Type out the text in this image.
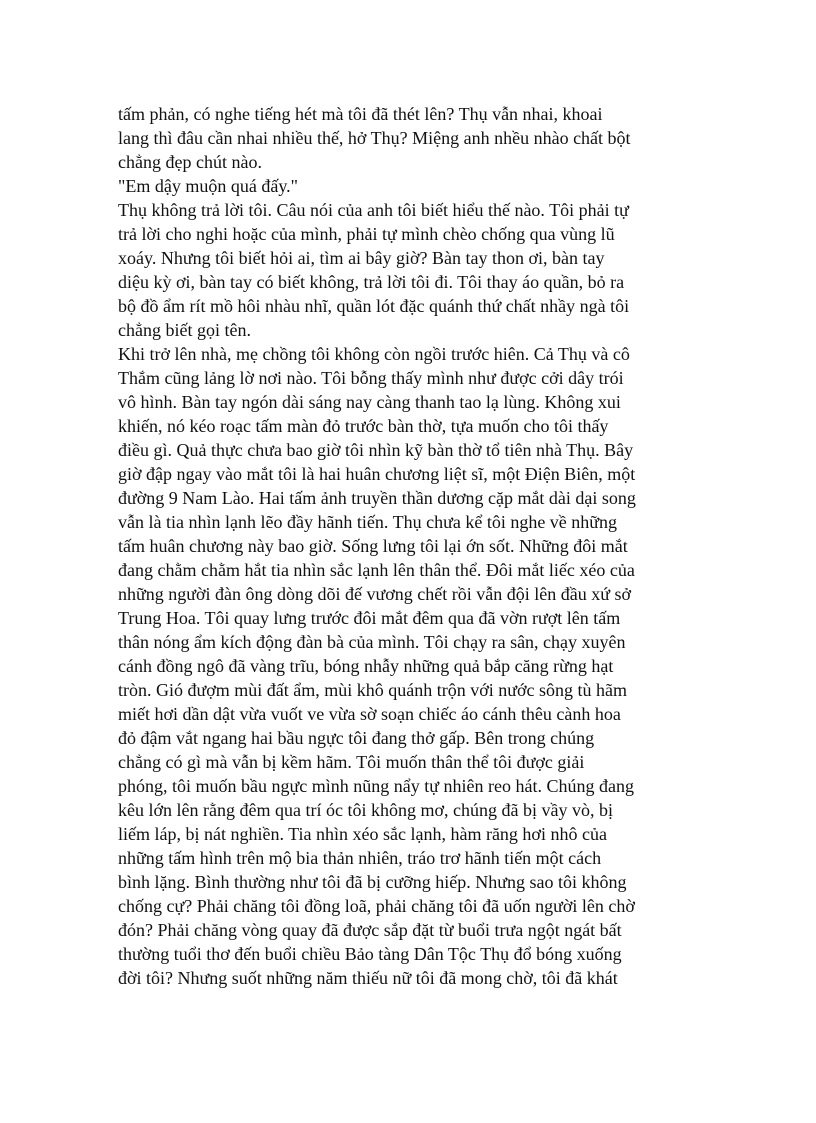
tấm phản, có nghe tiếng hét mà tôi đã thét lên? Thụ vẫn nhai, khoai
lang thì đâu cần nhai nhiều thế, hở Thụ? Miệng anh nhều nhào chất bột
chẳng đẹp chút nào.
"Em dậy muộn quá đấy."
Thụ không trả lời tôi. Câu nói của anh tôi biết hiểu thế nào. Tôi phải tự
trả lời cho nghi hoặc của mình, phải tự mình chèo chống qua vùng lũ
xoáy. Nhưng tôi biết hỏi ai, tìm ai bây giờ? Bàn tay thon ơi, bàn tay
diệu kỳ ơi, bàn tay có biết không, trả lời tôi đi. Tôi thay áo quần, bỏ ra
bộ đồ ẩm rít mồ hôi nhàu nhĩ, quần lót đặc quánh thứ chất nhầy ngà tôi
chẳng biết gọi tên.
Khi trở lên nhà, mẹ chồng tôi không còn ngồi trước hiên. Cả Thụ và cô
Thắm cũng lảng lờ nơi nào. Tôi bỗng thấy mình như được cởi dây trói
vô hình. Bàn tay ngón dài sáng nay càng thanh tao lạ lùng. Không xui
khiến, nó kéo roạc tấm màn đỏ trước bàn thờ, tựa muốn cho tôi thấy
điều gì. Quả thực chưa bao giờ tôi nhìn kỹ bàn thờ tổ tiên nhà Thụ. Bây
giờ đập ngay vào mắt tôi là hai huân chương liệt sĩ, một Điện Biên, một
đường 9 Nam Lào. Hai tấm ảnh truyền thần dương cặp mắt dài dại song
vẫn là tia nhìn lạnh lẽo đầy hãnh tiến. Thụ chưa kể tôi nghe về những
tấm huân chương này bao giờ. Sống lưng tôi lại ớn sốt. Những đôi mắt
đang chằm chằm hắt tia nhìn sắc lạnh lên thân thể. Đôi mắt liếc xéo của
những người đàn ông dòng dõi đế vương chết rồi vẫn đội lên đầu xứ sở
Trung Hoa. Tôi quay lưng trước đôi mắt đêm qua đã vờn rượt lên tấm
thân nóng ẩm kích động đàn bà của mình. Tôi chạy ra sân, chạy xuyên
cánh đồng ngô đã vàng trĩu, bóng nhẫy những quả bắp căng rừng hạt
tròn. Gió đượm mùi đất ẩm, mùi khô quánh trộn với nước sông tù hãm
miết hơi dần dật vừa vuốt ve vừa sờ soạn chiếc áo cánh thêu cành hoa
đỏ đậm vắt ngang hai bầu ngực tôi đang thở gấp. Bên trong chúng
chẳng có gì mà vẫn bị kềm hãm. Tôi muốn thân thể tôi được giải
phóng, tôi muốn bầu ngực mình nũng nẩy tự nhiên reo hát. Chúng đang
kêu lớn lên rằng đêm qua trí óc tôi không mơ, chúng đã bị vầy vò, bị
liếm láp, bị nát nghiền. Tia nhìn xéo sắc lạnh, hàm răng hơi nhô của
những tấm hình trên mộ bia thản nhiên, tráo trơ hãnh tiến một cách
bình lặng. Bình thường như tôi đã bị cưỡng hiếp. Nhưng sao tôi không
chống cự? Phải chăng tôi đồng loã, phải chăng tôi đã uốn người lên chờ
đón? Phải chăng vòng quay đã được sắp đặt từ buổi trưa ngột ngát bất
thường tuổi thơ đến buổi chiều Bảo tàng Dân Tộc Thụ đổ bóng xuống
đời tôi? Nhưng suốt những năm thiếu nữ tôi đã mong chờ, tôi đã khát
